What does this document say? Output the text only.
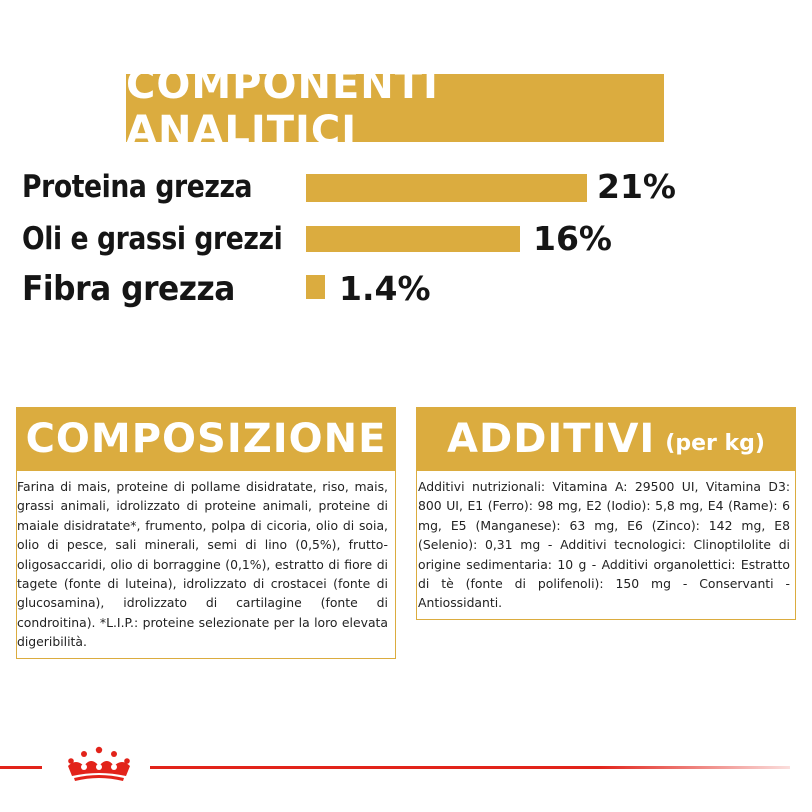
COMPONENTI ANALITICI
Proteina grezza	21%
Oli e grassi grezzi	16%
Fibra grezza	1.4%
COMPOSIZIONE
Farina di mais, proteine di pollame disidratate, riso, mais, grassi animali, idrolizzato di proteine animali, proteine di maiale disidratate*, frumento, polpa di cicoria, olio di soia, olio di pesce, sali minerali, semi di lino (0,5%), frutto-oligosaccaridi, olio di borraggine (0,1%), estratto di fiore di tagete (fonte di luteina), idrolizzato di crostacei (fonte di glucosamina), idrolizzato di cartilagine (fonte di condroitina). *L.I.P.: proteine selezionate per la loro elevata digeribilità.
ADDITIVI (per kg)
Additivi nutrizionali: Vitamina A: 29500 UI, Vitamina D3: 800 UI, E1 (Ferro): 98 mg, E2 (Iodio): 5,8 mg, E4 (Rame): 6 mg, E5 (Manganese): 63 mg, E6 (Zinco): 142 mg, E8 (Selenio): 0,31 mg - Additivi tecnologici: Clinoptilolite di origine sedimentaria: 10 g - Additivi organolettici: Estratto di tè (fonte di polifenoli): 150 mg - Conservanti - Antiossidanti.
